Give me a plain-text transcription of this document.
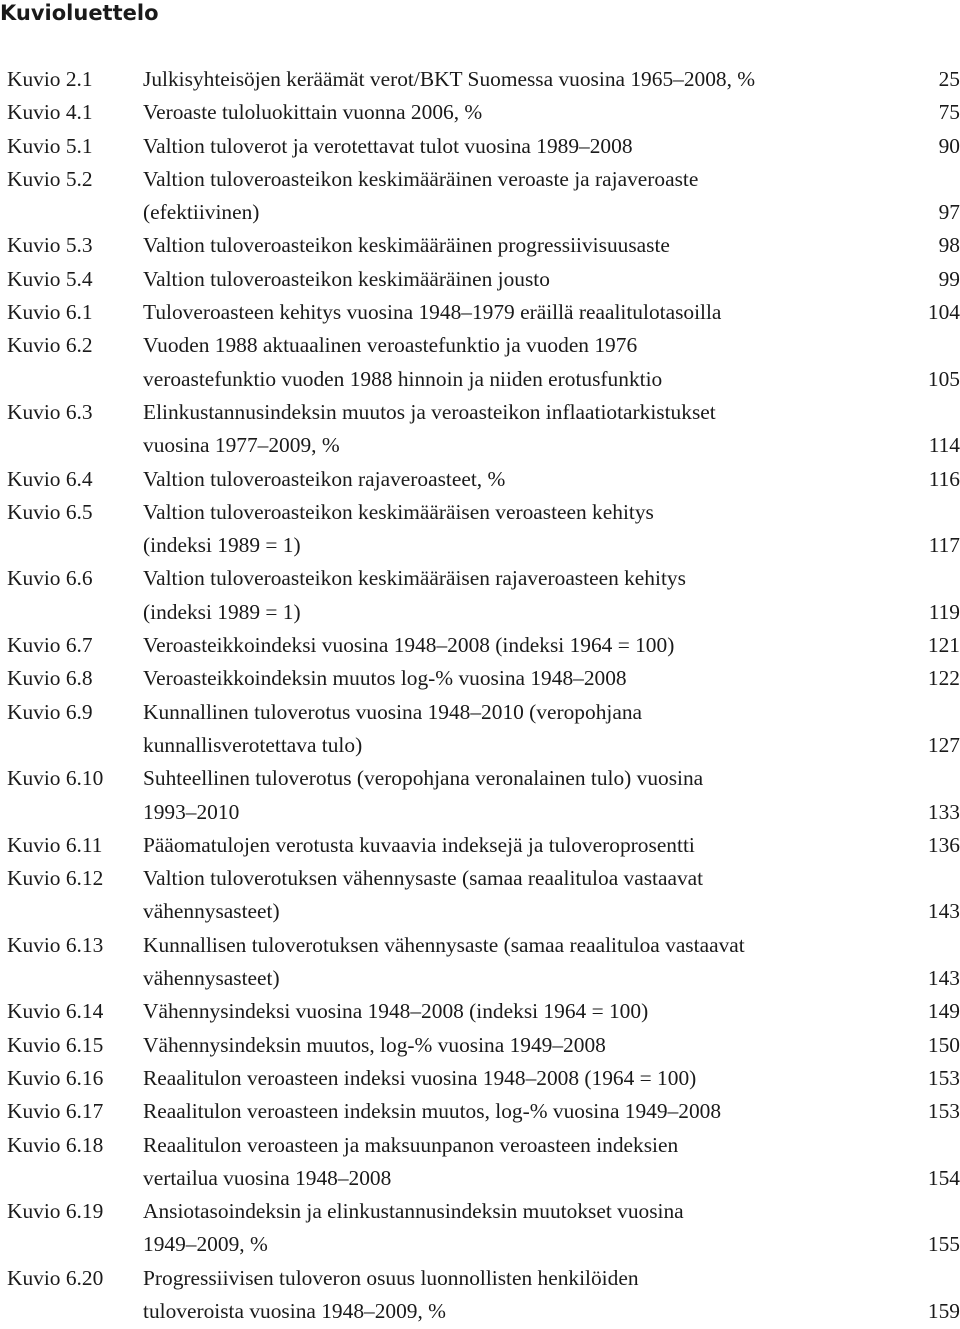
Kuvioluettelo
Kuvio 2.1	Julkisyhteisöjen keräämät verot/BKT Suomessa vuosina 1965–2008, %	25
Kuvio 4.1	Veroaste tuloluokittain vuonna 2006, %	75
Kuvio 5.1	Valtion tuloverot ja verotettavat tulot vuosina 1989–2008	90
Kuvio 5.2	Valtion tuloveroasteikon keskimääräinen veroaste ja rajaveroaste
(efektiivinen)	97
Kuvio 5.3	Valtion tuloveroasteikon keskimääräinen progressiivisuusaste	98
Kuvio 5.4	Valtion tuloveroasteikon keskimääräinen jousto	99
Kuvio 6.1	Tuloveroasteen kehitys vuosina 1948–1979 eräillä reaalitulotasoilla	104
Kuvio 6.2	Vuoden 1988 aktuaalinen veroastefunktio ja vuoden 1976
veroastefunktio vuoden 1988 hinnoin ja niiden erotusfunktio	105
Kuvio 6.3	Elinkustannusindeksin muutos ja veroasteikon inflaatiotarkistukset
vuosina 1977–2009, %	114
Kuvio 6.4	Valtion tuloveroasteikon rajaveroasteet, %	116
Kuvio 6.5	Valtion tuloveroasteikon keskimääräisen veroasteen kehitys
(indeksi 1989 = 1)	117
Kuvio 6.6	Valtion tuloveroasteikon keskimääräisen rajaveroasteen kehitys
(indeksi 1989 = 1)	119
Kuvio 6.7	Veroasteikkoindeksi vuosina 1948–2008 (indeksi 1964 = 100)	121
Kuvio 6.8	Veroasteikkoindeksin muutos log-% vuosina 1948–2008	122
Kuvio 6.9	Kunnallinen tuloverotus vuosina 1948–2010 (veropohjana
kunnallisverotettava tulo)	127
Kuvio 6.10	Suhteellinen tuloverotus (veropohjana veronalainen tulo) vuosina
1993–2010	133
Kuvio 6.11	Pääomatulojen verotusta kuvaavia indeksejä ja tuloveroprosentti	136
Kuvio 6.12	Valtion tuloverotuksen vähennysaste (samaa reaalituloa vastaavat
vähennysasteet)	143
Kuvio 6.13	Kunnallisen tuloverotuksen vähennysaste (samaa reaalituloa vastaavat
vähennysasteet)	143
Kuvio 6.14	Vähennysindeksi vuosina 1948–2008 (indeksi 1964 = 100)	149
Kuvio 6.15	Vähennysindeksin muutos, log-% vuosina 1949–2008	150
Kuvio 6.16	Reaalitulon veroasteen indeksi vuosina 1948–2008 (1964 = 100)	153
Kuvio 6.17	Reaalitulon veroasteen indeksin muutos, log-% vuosina 1949–2008	153
Kuvio 6.18	Reaalitulon veroasteen ja maksuunpanon veroasteen indeksien
vertailua vuosina 1948–2008	154
Kuvio 6.19	Ansiotasoindeksin ja elinkustannusindeksin muutokset vuosina
1949–2009, %	155
Kuvio 6.20	Progressiivisen tuloveron osuus luonnollisten henkilöiden
tuloveroista vuosina 1948–2009, %	159
